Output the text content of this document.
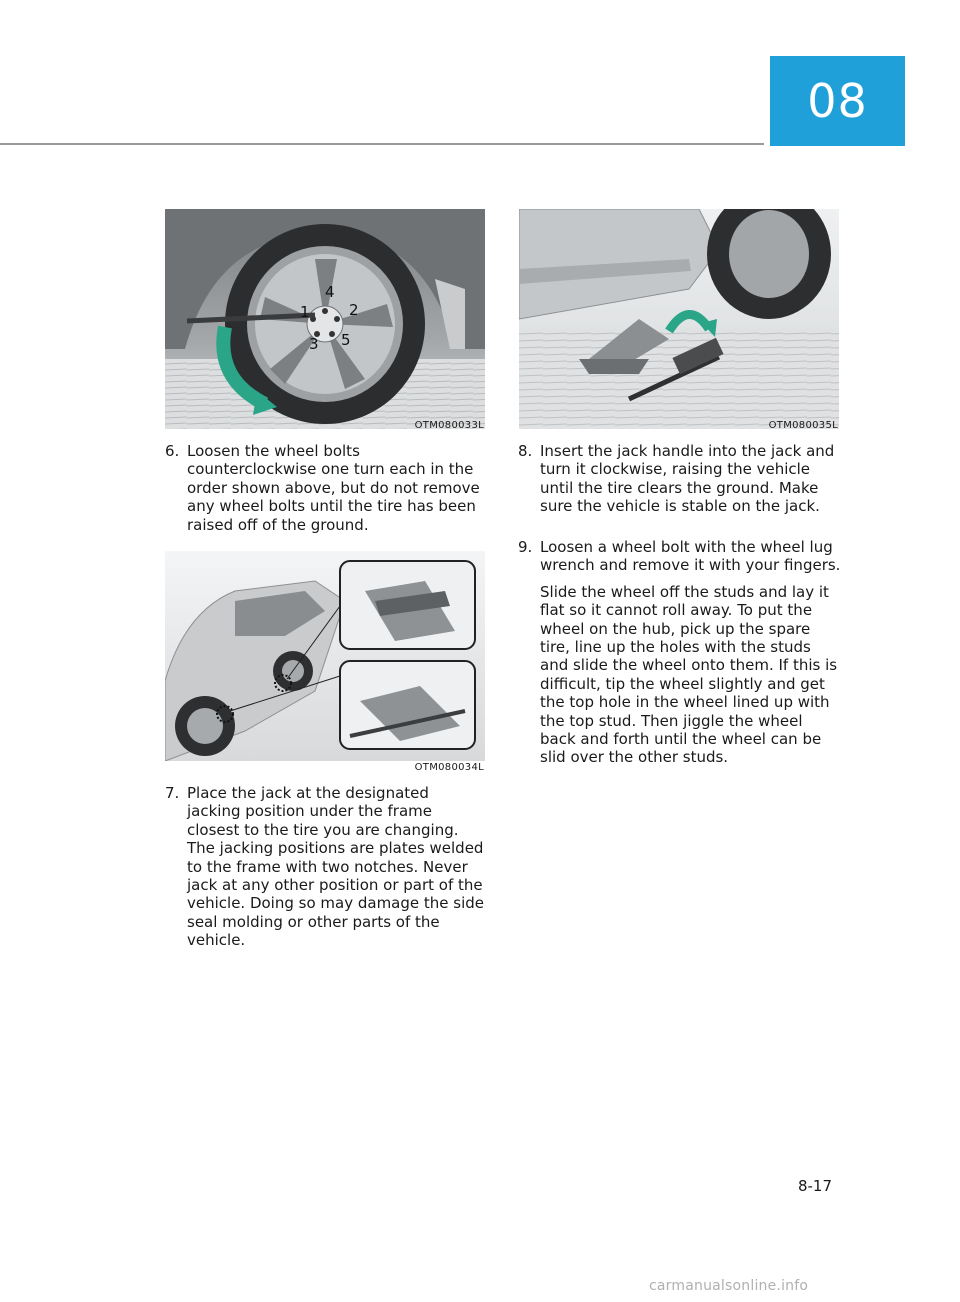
08
1	2
3
4
5
OTM080033L
6. Loosen the wheel bolts counterclockwise one turn each in the order shown above, but do not remove any wheel bolts until the tire has been raised off of the ground.

OTM080034L
7. Place the jack at the designated jacking position under the frame closest to the tire you are changing. The jacking positions are plates welded to the frame with two notches. Never jack at any other position or part of the vehicle. Doing so may damage the side seal molding or other parts of the vehicle.

OTM080035L
8. Insert the jack handle into the jack and turn it clockwise, raising the vehicle until the tire clears the ground. Make sure the vehicle is stable on the jack.

9. Loosen a wheel bolt with the wheel lug wrench and remove it with your fingers.

Slide the wheel off the studs and lay it flat so it cannot roll away. To put the wheel on the hub, pick up the spare tire, line up the holes with the studs and slide the wheel onto them. If this is difficult, tip the wheel slightly and get the top hole in the wheel lined up with the top stud. Then jiggle the wheel back and forth until the wheel can be slid over the other studs.

8-17
carmanualsonline.info
